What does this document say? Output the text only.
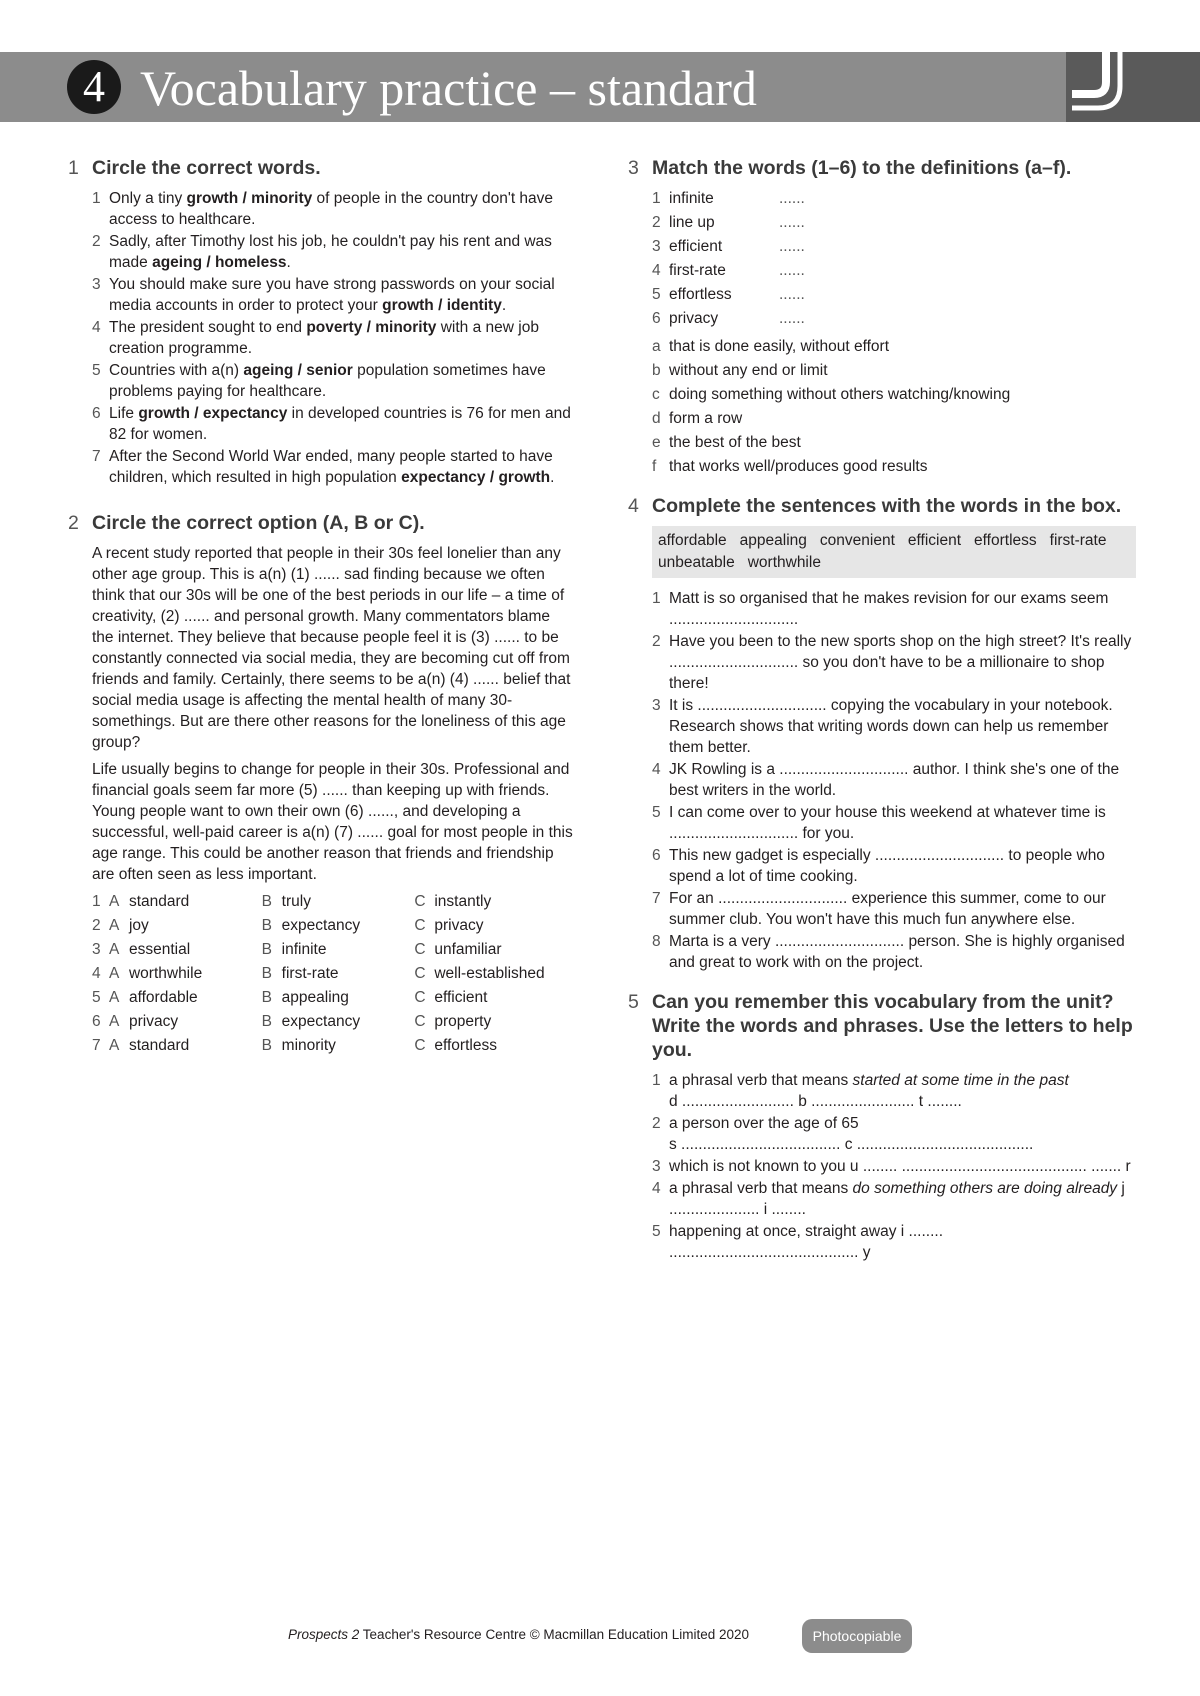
4 Vocabulary practice – standard
1 Circle the correct words.
1 Only a tiny growth / minority of people in the country don't have access to healthcare.
2 Sadly, after Timothy lost his job, he couldn't pay his rent and was made ageing / homeless.
3 You should make sure you have strong passwords on your social media accounts in order to protect your growth / identity.
4 The president sought to end poverty / minority with a new job creation programme.
5 Countries with a(n) ageing / senior population sometimes have problems paying for healthcare.
6 Life growth / expectancy in developed countries is 76 for men and 82 for women.
7 After the Second World War ended, many people started to have children, which resulted in high population expectancy / growth.
2 Circle the correct option (A, B or C).
A recent study reported that people in their 30s feel lonelier than any other age group. This is a(n) (1) ...... sad finding because we often think that our 30s will be one of the best periods in our life – a time of creativity, (2) ...... and personal growth. Many commentators blame the internet. They believe that because people feel it is (3) ...... to be constantly connected via social media, they are becoming cut off from friends and family. Certainly, there seems to be a(n) (4) ...... belief that social media usage is affecting the mental health of many 30-somethings. But are there other reasons for the loneliness of this age group?
Life usually begins to change for people in their 30s. Professional and financial goals seem far more (5) ...... than keeping up with friends. Young people want to own their own (6) ......, and developing a successful, well-paid career is a(n) (7) ...... goal for most people in this age range. This could be another reason that friends and friendship are often seen as less important.
1 A standard	B truly	C instantly
2 A joy	B expectancy	C privacy
3 A essential	B infinite	C unfamiliar
4 A worthwhile	B first-rate	C well-established
5 A affordable	B appealing	C efficient
6 A privacy	B expectancy	C property
7 A standard	B minority	C effortless
3 Match the words (1–6) to the definitions (a–f).
1 infinite	......
2 line up	......
3 efficient	......
4 first-rate	......
5 effortless	......
6 privacy	......
a that is done easily, without effort
b without any end or limit
c doing something without others watching/knowing
d form a row
e the best of the best
f that works well/produces good results
4 Complete the sentences with the words in the box.
affordable appealing convenient efficient effortless first-rateunbeatable worthwhile
1 Matt is so organised that he makes revision for our exams seem ..............................
2 Have you been to the new sports shop on the high street? It's really .............................. so you don't have to be a millionaire to shop there!
3 It is .............................. copying the vocabulary in your notebook. Research shows that writing words down can help us remember them better.
4 JK Rowling is a .............................. author. I think she's one of the best writers in the world.
5 I can come over to your house this weekend at whatever time is .............................. for you.
6 This new gadget is especially .............................. to people who spend a lot of time cooking.
7 For an .............................. experience this summer, come to our summer club. You won't have this much fun anywhere else.
8 Marta is a very .............................. person. She is highly organised and great to work with on the project.
5 Can you remember this vocabulary from the unit? Write the words and phrases. Use the letters to help you.
1 a phrasal verb that means started at some time in the past
d .......................... b ........................ t ........
2 a person over the age of 65
s ..................................... c .........................................
3 which is not known to you u ........ ........................................... ....... r
4 a phrasal verb that means do something others are doing already j ..................... i ........
5 happening at once, straight away i ........ ............................................ y
Prospects 2 Teacher's Resource Centre © Macmillan Education Limited 2020	Photocopiable
